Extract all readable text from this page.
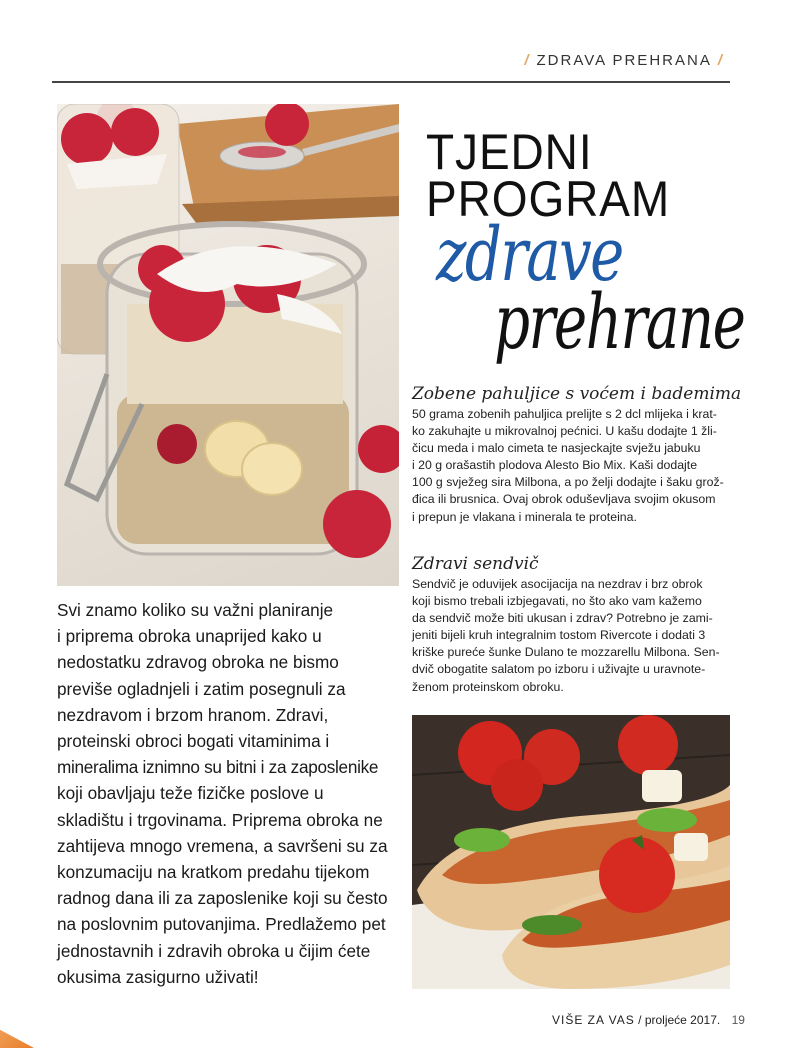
/ ZDRAVA PREHRANA /
TJEDNI
PROGRAM
zdrave
prehrane
Zobene pahuljice s voćem i bademima
50 grama zobenih pahuljica prelijte s 2 dcl mlijeka i krat-
ko zakuhajte u mikrovalnoj pećnici. U kašu dodajte 1 žli-
čicu meda i malo cimeta te nasjeckajte svježu jabuku
i 20 g orašastih plodova Alesto Bio Mix. Kaši dodajte
100 g svježeg sira Milbona, a po želji dodajte i šaku grož-
đica ili brusnica. Ovaj obrok oduševljava svojim okusom
i prepun je vlakana i minerala te proteina.
Zdravi sendvič
Sendvič je oduvijek asocijacija na nezdrav i brz obrok
koji bismo trebali izbjegavati, no što ako vam kažemo
da sendvič može biti ukusan i zdrav? Potrebno je zami-
jeniti bijeli kruh integralnim tostom Rivercote i dodati 3
kriške pureće šunke Dulano te mozzarellu Milbona. Sen-
dvič obogatite salatom po izboru i uživajte u uravnote-
ženom proteinskom obroku.
Svi znamo koliko su važni planiranje
i priprema obroka unaprijed kako u
nedostatku zdravog obroka ne bismo
previše ogladnjeli i zatim posegnuli za
nezdravom i brzom hranom. Zdravi,
proteinski obroci bogati vitaminima i
mineralima iznimno su bitni i za zaposlenike
koji obavljaju teže fizičke poslove u
skladištu i trgovinama. Priprema obroka ne
zahtijeva mnogo vremena, a savršeni su za
konzumaciju na kratkom predahu tijekom
radnog dana ili za zaposlenike koji su često
na poslovnim putovanjima. Predlažemo pet
jednostavnih i zdravih obroka u čijim ćete
okusima zasigurno uživati!
VIŠE ZA VAS / proljeće 2017. 19
